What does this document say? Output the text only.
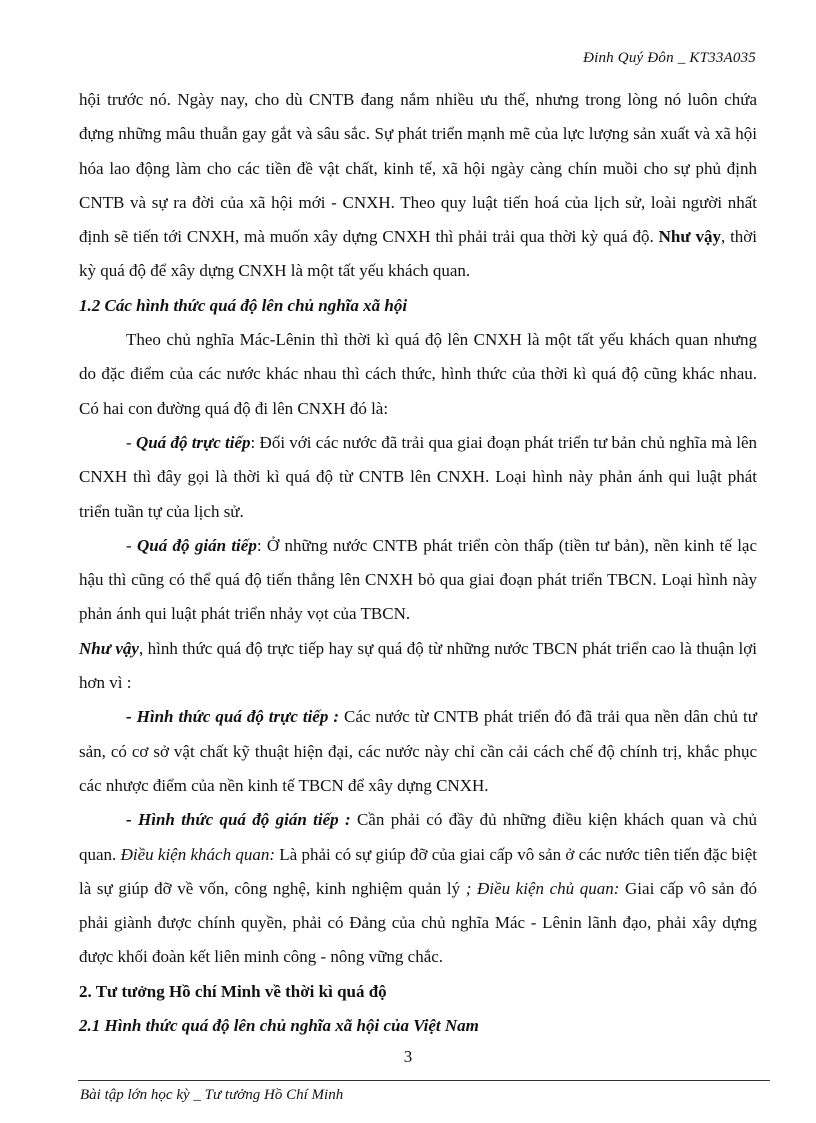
Đinh Quý Đôn _ KT33A035

hội trước nó. Ngày nay, cho dù CNTB đang nắm nhiều ưu thế, nhưng trong lòng nó luôn chứa đựng những mâu thuẫn gay gắt và sâu sắc. Sự phát triển mạnh mẽ của lực lượng sản xuất và xã hội hóa lao động làm cho các tiền đề vật chất, kinh tế, xã hội ngày càng chín muồi cho sự phủ định CNTB và sự ra đời của xã hội mới - CNXH. Theo quy luật tiến hoá của lịch sử, loài người nhất định sẽ tiến tới CNXH, mà muốn xây dựng CNXH thì phải trải qua thời kỳ quá độ. Như vậy, thời kỳ quá độ để xây dựng CNXH là một tất yếu khách quan.

1.2 Các hình thức quá độ lên chủ nghĩa xã hội

Theo chủ nghĩa Mác-Lênin thì thời kì quá độ lên CNXH là một tất yếu khách quan nhưng do đặc điểm của các nước khác nhau thì cách thức, hình thức của thời kì quá độ cũng khác nhau. Có hai con đường quá độ đi lên CNXH đó là:

- Quá độ trực tiếp: Đối với các nước đã trải qua giai đoạn phát triển tư bản chủ nghĩa mà lên CNXH thì đây gọi là thời kì quá độ từ CNTB lên CNXH. Loại hình này phản ánh qui luật phát triển tuần tự của lịch sử.

- Quá độ gián tiếp: Ở những nước CNTB phát triển còn thấp (tiền tư bản), nền kinh tế lạc hậu thì cũng có thể quá độ tiến thẳng lên CNXH bỏ qua giai đoạn phát triển TBCN. Loại hình này phản ánh qui luật phát triển nhảy vọt của TBCN.

Như vậy, hình thức quá độ trực tiếp hay sự quá độ từ những nước TBCN phát triển cao là thuận lợi hơn vì :

- Hình thức quá độ trực tiếp : Các nước từ CNTB phát triển đó đã trải qua nền dân chủ tư sản, có cơ sở vật chất kỹ thuật hiện đại, các nước này chỉ cần cải cách chế độ chính trị, khắc phục các nhược điểm của nền kinh tế TBCN để xây dựng CNXH.

- Hình thức quá độ gián tiếp : Cần phải có đầy đủ những điều kiện khách quan và chủ quan. Điều kiện khách quan: Là phải có sự giúp đỡ của giai cấp vô sản ở các nước tiên tiến đặc biệt là sự giúp đỡ về vốn, công nghệ, kinh nghiệm quản lý ; Điều kiện chủ quan: Giai cấp vô sản đó phải giành được chính quyền, phải có Đảng của chủ nghĩa Mác - Lênin lãnh đạo, phải xây dựng được khối đoàn kết liên minh công - nông vững chắc.

2. Tư tưởng Hồ chí Minh về thời kì quá độ

2.1 Hình thức quá độ lên chủ nghĩa xã hội của Việt Nam

3
Bài tập lớn học kỳ _ Tư tưởng Hồ Chí Minh
